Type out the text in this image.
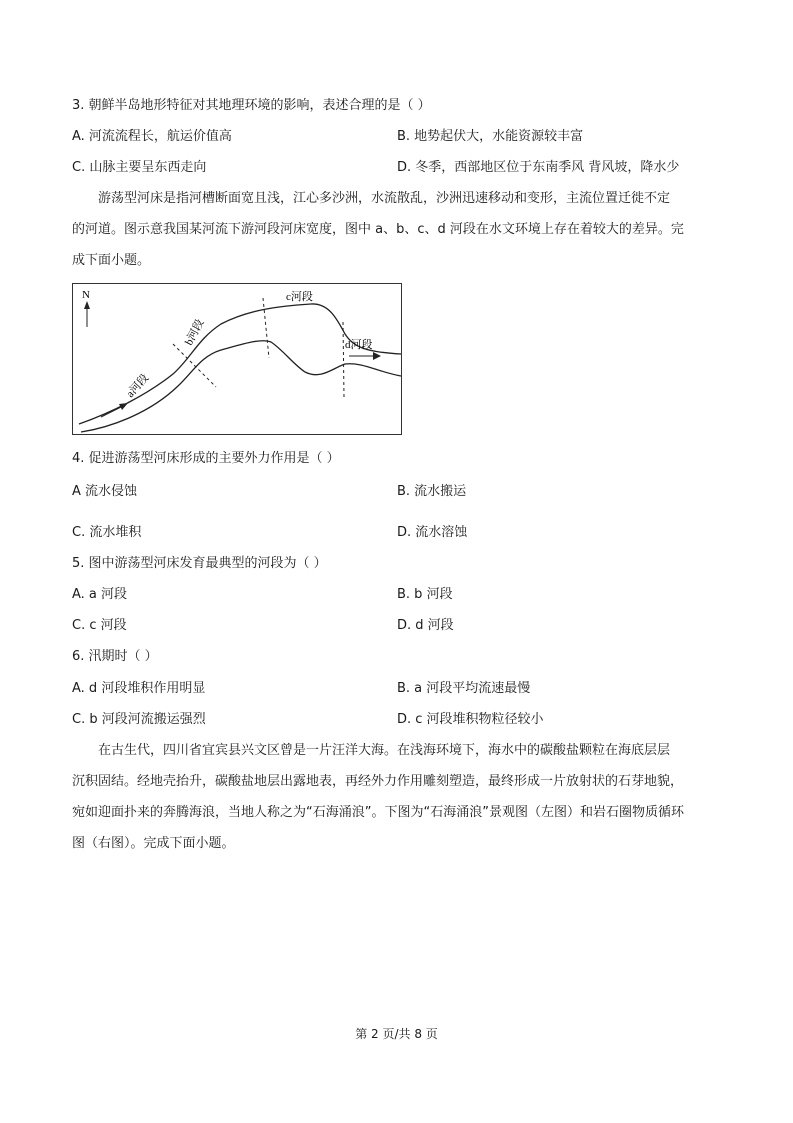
3. 朝鲜半岛地形特征对其地理环境的影响，表述合理的是（ ）
A. 河流流程长，航运价值高	B. 地势起伏大，水能资源较丰富
C. 山脉主要呈东西走向	D. 冬季，西部地区位于东南季风 背风坡，降水少
游荡型河床是指河槽断面宽且浅，江心多沙洲，水流散乱，沙洲迅速移动和变形，主流位置迁徙不定
的河道。图示意我国某河流下游河段河床宽度，图中 a、b、c、d 河段在水文环境上存在着较大的差异。完
成下面小题。
N
a河段
b河段
c河段
d河段
4. 促进游荡型河床形成的主要外力作用是（ ）
A 流水侵蚀	B. 流水搬运
C. 流水堆积	D. 流水溶蚀
5. 图中游荡型河床发育最典型的河段为（ ）
A. a 河段	B. b 河段
C. c 河段	D. d 河段
6. 汛期时（ ）
A. d 河段堆积作用明显	B. a 河段平均流速最慢
C. b 河段河流搬运强烈	D. c 河段堆积物粒径较小
在古生代，四川省宜宾县兴文区曾是一片汪洋大海。在浅海环境下，海水中的碳酸盐颗粒在海底层层
沉积固结。经地壳抬升，碳酸盐地层出露地表，再经外力作用雕刻塑造，最终形成一片放射状的石芽地貌，
宛如迎面扑来的奔腾海浪，当地人称之为“石海涌浪”。下图为“石海涌浪”景观图（左图）和岩石圈物质循环
图（右图）。完成下面小题。
第 2 页/共 8 页
